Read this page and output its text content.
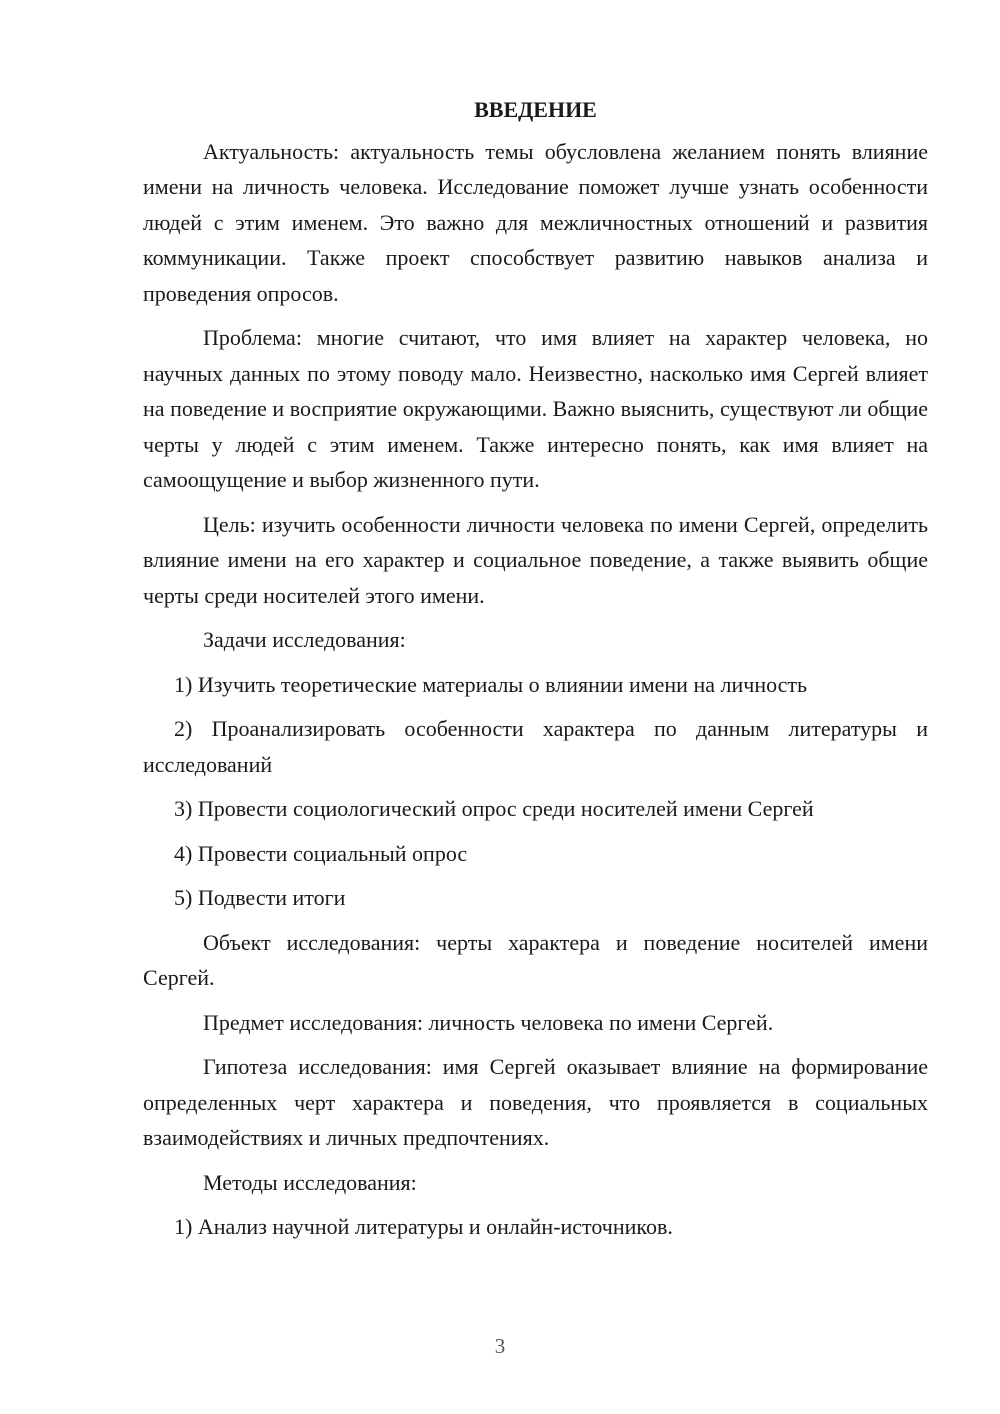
ВВЕДЕНИЕ

Актуальность: актуальность темы обусловлена желанием понять влияние имени на личность человека. Исследование поможет лучше узнать особенности людей с этим именем. Это важно для межличностных отношений и развития коммуникации. Также проект способствует развитию навыков анализа и проведения опросов.

Проблема: многие считают, что имя влияет на характер человека, но научных данных по этому поводу мало. Неизвестно, насколько имя Сергей влияет на поведение и восприятие окружающими. Важно выяснить, существуют ли общие черты у людей с этим именем. Также интересно понять, как имя влияет на самоощущение и выбор жизненного пути.

Цель: изучить особенности личности человека по имени Сергей, определить влияние имени на его характер и социальное поведение, а также выявить общие черты среди носителей этого имени.

Задачи исследования:

1) Изучить теоретические материалы о влиянии имени на личность

2) Проанализировать особенности характера по данным литературы и исследований

3) Провести социологический опрос среди носителей имени Сергей

4) Провести социальный опрос

5) Подвести итоги

Объект исследования: черты характера и поведение носителей имени Сергей.

Предмет исследования: личность человека по имени Сергей.

Гипотеза исследования: имя Сергей оказывает влияние на формирование определенных черт характера и поведения, что проявляется в социальных взаимодействиях и личных предпочтениях.

Методы исследования:

1) Анализ научной литературы и онлайн-источников.

3
